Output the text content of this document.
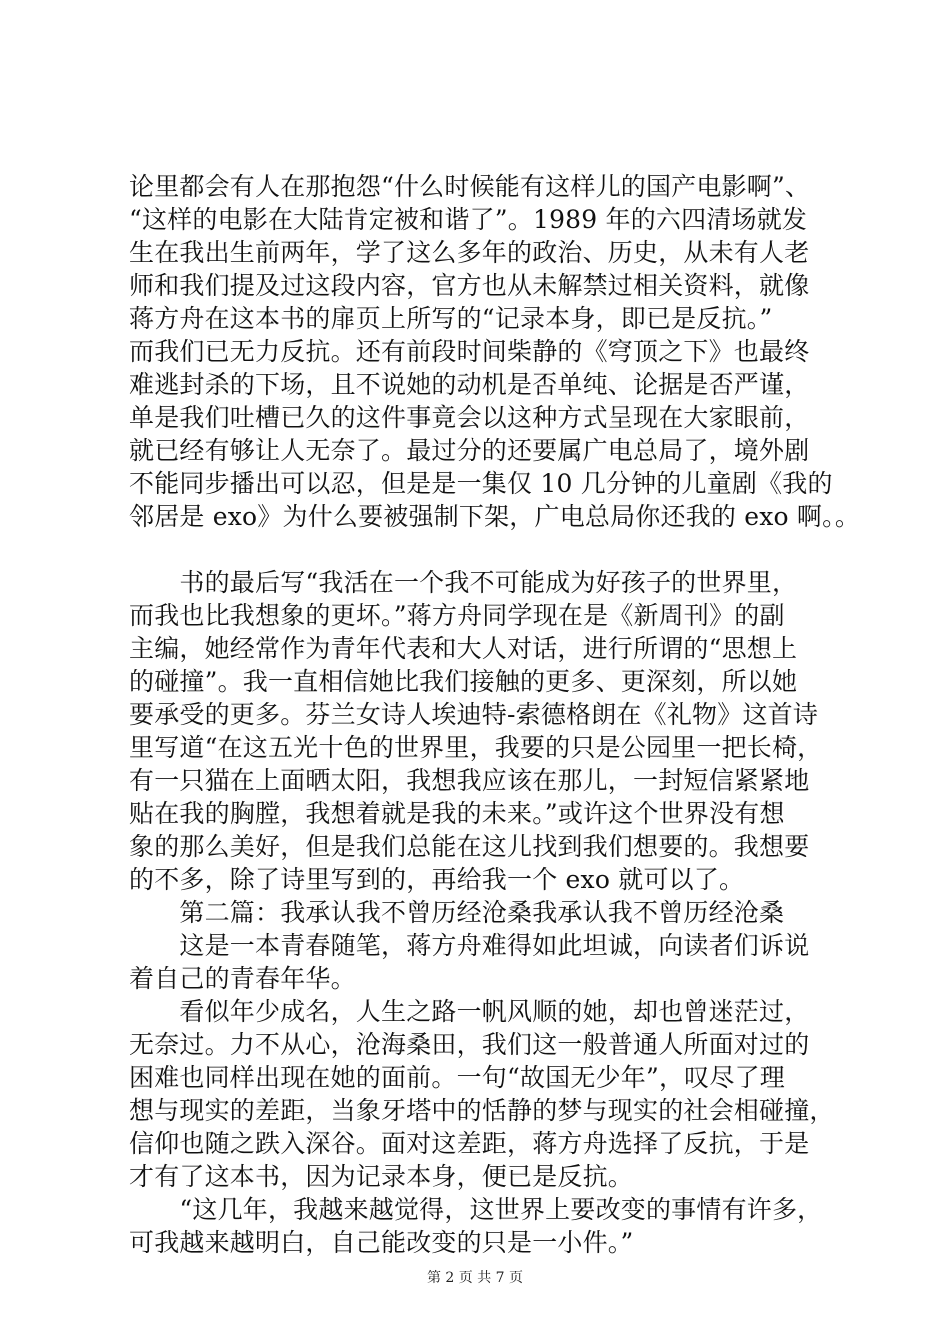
论里都会有人在那抱怨“什么时候能有这样儿的国产电影啊”、
“这样的电影在大陆肯定被和谐了”。1989 年的六四清场就发
生在我出生前两年，学了这么多年的政治、历史，从未有人老
师和我们提及过这段内容，官方也从未解禁过相关资料，就像
蒋方舟在这本书的扉页上所写的“记录本身，即已是反抗。”
而我们已无力反抗。还有前段时间柴静的《穹顶之下》也最终
难逃封杀的下场，且不说她的动机是否单纯、论据是否严谨，
单是我们吐槽已久的这件事竟会以这种方式呈现在大家眼前，
就已经有够让人无奈了。最过分的还要属广电总局了，境外剧
不能同步播出可以忍，但是是一集仅 10 几分钟的儿童剧《我的
邻居是 exo》为什么要被强制下架，广电总局你还我的 exo 啊。。
　　书的最后写“我活在一个我不可能成为好孩子的世界里，
而我也比我想象的更坏。”蒋方舟同学现在是《新周刊》的副
主编，她经常作为青年代表和大人对话，进行所谓的“思想上
的碰撞”。我一直相信她比我们接触的更多、更深刻，所以她
要承受的更多。芬兰女诗人埃迪特-索德格朗在《礼物》这首诗
里写道“在这五光十色的世界里，我要的只是公园里一把长椅，
有一只猫在上面晒太阳，我想我应该在那儿，一封短信紧紧地
贴在我的胸膛，我想着就是我的未来。”或许这个世界没有想
象的那么美好，但是我们总能在这儿找到我们想要的。我想要
的不多，除了诗里写到的，再给我一个 exo 就可以了。
　　第二篇：我承认我不曾历经沧桑我承认我不曾历经沧桑
　　这是一本青春随笔，蒋方舟难得如此坦诚，向读者们诉说
着自己的青春年华。
　　看似年少成名，人生之路一帆风顺的她，却也曾迷茫过，
无奈过。力不从心，沧海桑田，我们这一般普通人所面对过的
困难也同样出现在她的面前。一句“故国无少年”，叹尽了理
想与现实的差距，当象牙塔中的恬静的梦与现实的社会相碰撞，
信仰也随之跌入深谷。面对这差距，蒋方舟选择了反抗，于是
才有了这本书，因为记录本身，便已是反抗。
　　“这几年，我越来越觉得，这世界上要改变的事情有许多，
可我越来越明白，自己能改变的只是一小件。”
第 2 页 共 7 页
